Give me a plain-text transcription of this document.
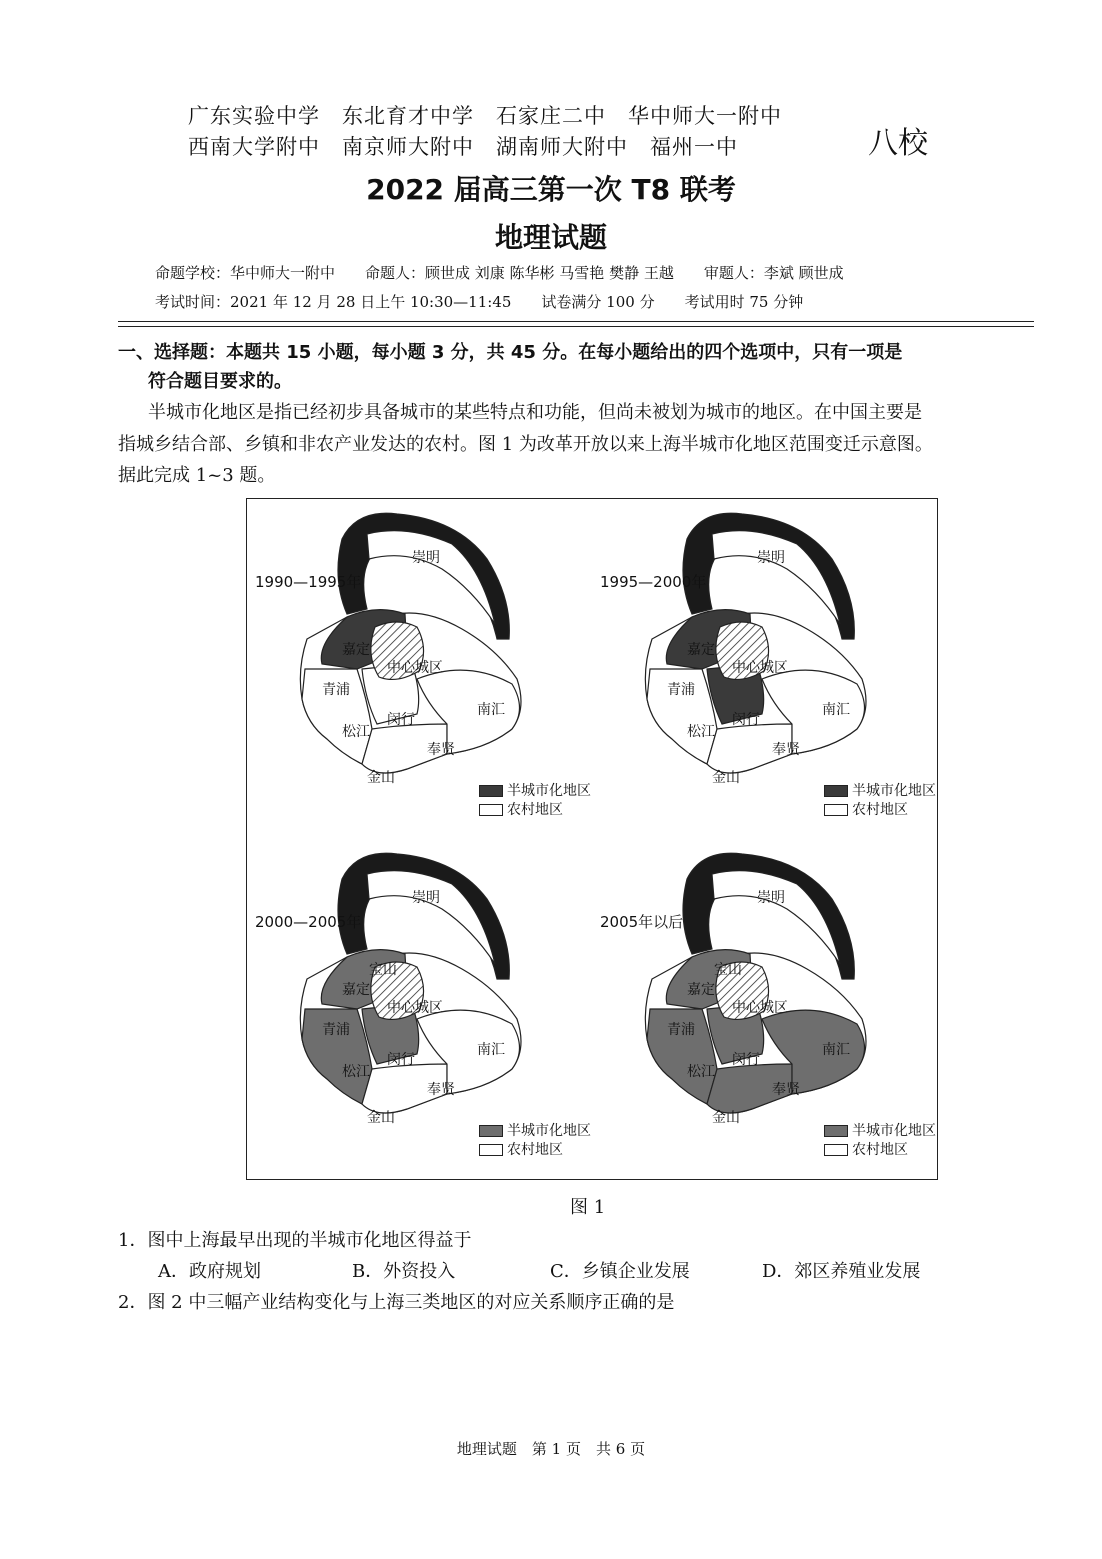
广东实验中学　东北育才中学　石家庄二中　华中师大一附中
西南大学附中　南京师大附中　湖南师大附中　福州一中	八校
2022 届高三第一次 T8 联考
地理试题
命题学校：华中师大一附中　　命题人：顾世成 刘康 陈华彬 马雪艳 樊静 王越　　审题人：李斌 顾世成
考试时间：2021 年 12 月 28 日上午 10:30—11:45　　试卷满分 100 分　　考试用时 75 分钟
一、选择题：本题共 15 小题，每小题 3 分，共 45 分。在每小题给出的四个选项中，只有一项是
符合题目要求的。
半城市化地区是指已经初步具备城市的某些特点和功能，但尚未被划为城市的地区。在中国主要是
指城乡结合部、乡镇和非农产业发达的农村。图 1 为改革开放以来上海半城市化地区范围变迁示意图。
据此完成 1~3 题。
1990—1995年
崇明
嘉定
中心城区
青浦
闵行
南汇
松江
奉贤
金山
半城市化地区
农村地区
1995—2000年
崇明
嘉定
中心城区
青浦
闵行
南汇
松江
奉贤
金山
半城市化地区
农村地区
2000—2005年
崇明
嘉定
中心城区
青浦
闵行
南汇
松江
奉贤
金山
宝山
半城市化地区
农村地区
2005年以后
崇明
嘉定
中心城区
青浦
闵行
南汇
松江
奉贤
金山
宝山
半城市化地区
农村地区
图 1
1．图中上海最早出现的半城市化地区得益于
A．政府规划	B．外资投入	C．乡镇企业发展	D．郊区养殖业发展
2．图 2 中三幅产业结构变化与上海三类地区的对应关系顺序正确的是
地理试题　第 1 页　共 6 页
